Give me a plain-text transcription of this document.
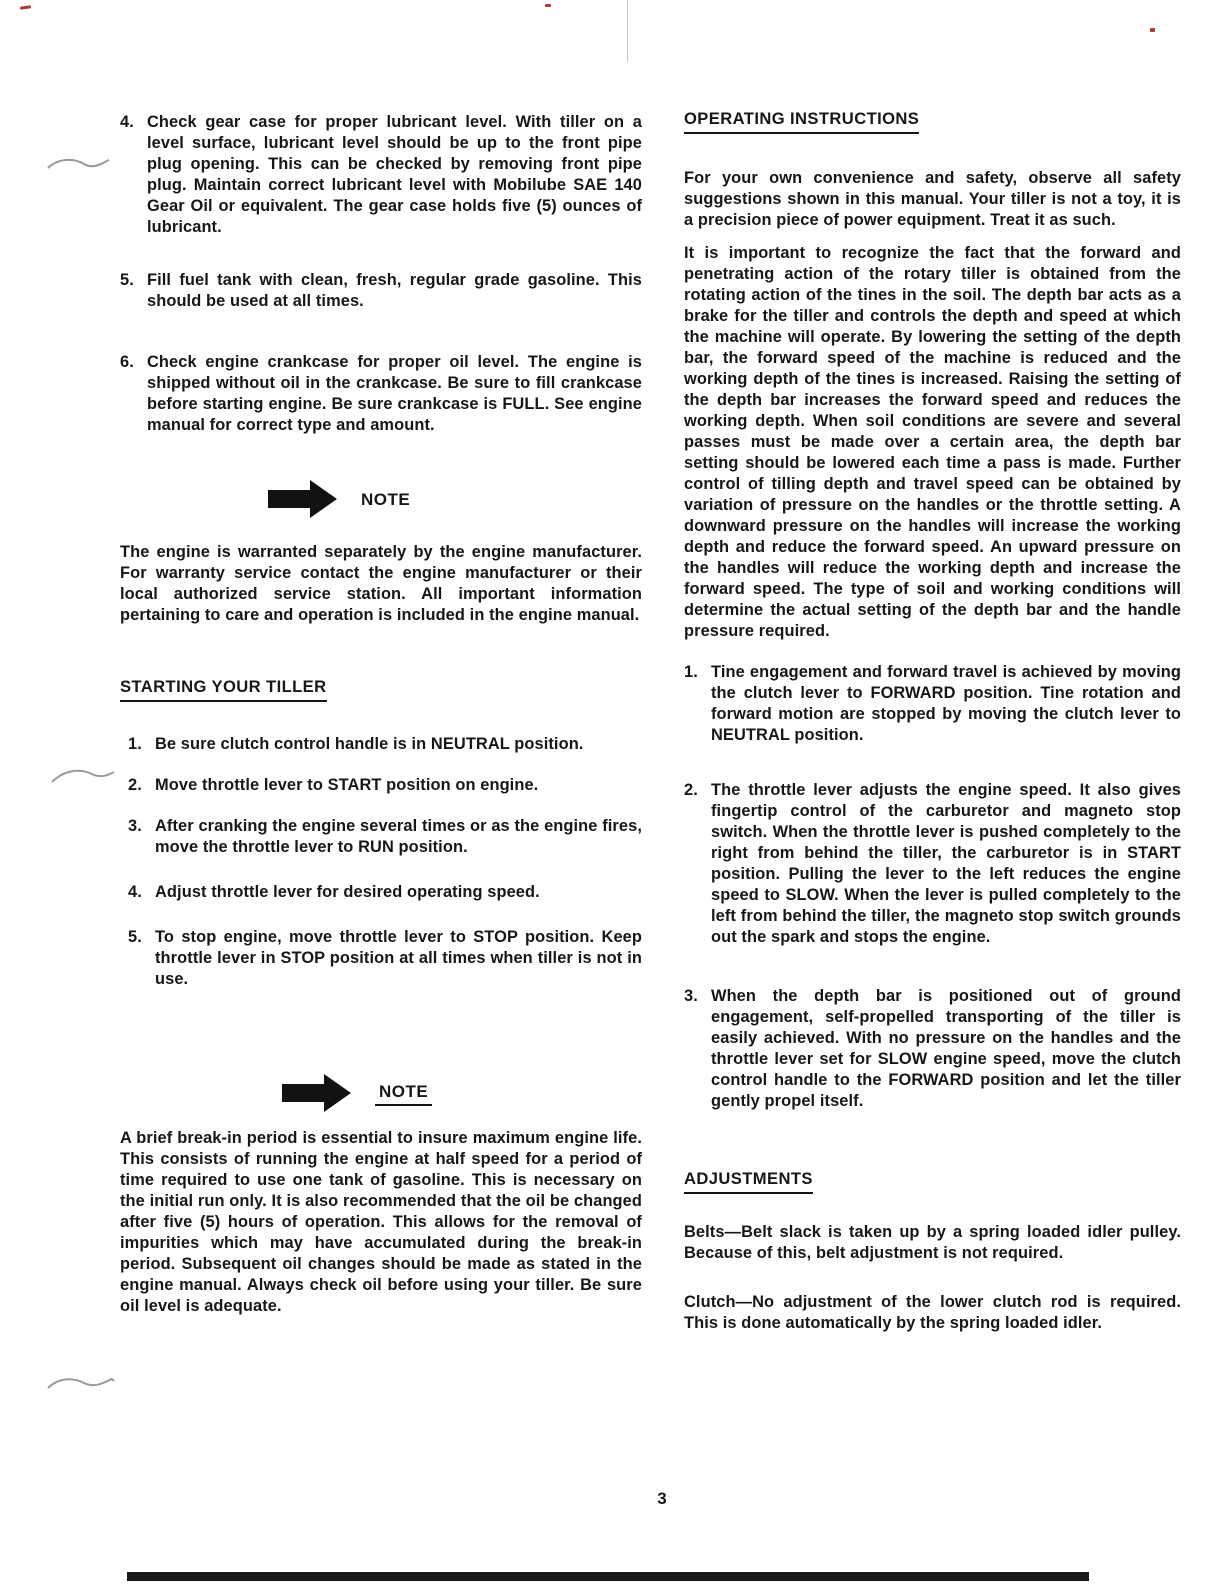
4. Check gear case for proper lubricant level. With tiller on a level surface, lubricant level should be up to the front pipe plug opening. This can be checked by removing front pipe plug. Maintain correct lubricant level with Mobilube SAE 140 Gear Oil or equivalent. The gear case holds five (5) ounces of lubricant.
5. Fill fuel tank with clean, fresh, regular grade gasoline. This should be used at all times.
6. Check engine crankcase for proper oil level. The engine is shipped without oil in the crankcase. Be sure to fill crankcase before starting engine. Be sure crankcase is FULL. See engine manual for correct type and amount.
NOTE

The engine is warranted separately by the engine manufacturer. For warranty service contact the engine manufacturer or their local authorized service station. All important information pertaining to care and operation is included in the engine manual.

STARTING YOUR TILLER
1. Be sure clutch control handle is in NEUTRAL position.
2. Move throttle lever to START position on engine.
3. After cranking the engine several times or as the engine fires, move the throttle lever to RUN position.
4. Adjust throttle lever for desired operating speed.
5. To stop engine, move throttle lever to STOP position. Keep throttle lever in STOP position at all times when tiller is not in use.
NOTE

A brief break-in period is essential to insure maximum engine life. This consists of running the engine at half speed for a period of time required to use one tank of gasoline. This is necessary on the initial run only. It is also recommended that the oil be changed after five (5) hours of operation. This allows for the removal of impurities which may have accumulated during the break-in period. Subsequent oil changes should be made as stated in the engine manual. Always check oil before using your tiller. Be sure oil level is adequate.

OPERATING INSTRUCTIONS

For your own convenience and safety, observe all safety suggestions shown in this manual. Your tiller is not a toy, it is a precision piece of power equipment. Treat it as such.

It is important to recognize the fact that the forward and penetrating action of the rotary tiller is obtained from the rotating action of the tines in the soil. The depth bar acts as a brake for the tiller and controls the depth and speed at which the machine will operate. By lowering the setting of the depth bar, the forward speed of the machine is reduced and the working depth of the tines is increased. Raising the setting of the depth bar increases the forward speed and reduces the working depth. When soil conditions are severe and several passes must be made over a certain area, the depth bar setting should be lowered each time a pass is made. Further control of tilling depth and travel speed can be obtained by variation of pressure on the handles or the throttle setting. A downward pressure on the handles will increase the working depth and reduce the forward speed. An upward pressure on the handles will reduce the working depth and increase the forward speed. The type of soil and working conditions will determine the actual setting of the depth bar and the handle pressure required.

1. Tine engagement and forward travel is achieved by moving the clutch lever to FORWARD position. Tine rotation and forward motion are stopped by moving the clutch lever to NEUTRAL position.
2. The throttle lever adjusts the engine speed. It also gives fingertip control of the carburetor and magneto stop switch. When the throttle lever is pushed completely to the right from behind the tiller, the carburetor is in START position. Pulling the lever to the left reduces the engine speed to SLOW. When the lever is pulled completely to the left from behind the tiller, the magneto stop switch grounds out the spark and stops the engine.
3. When the depth bar is positioned out of ground engagement, self-propelled transporting of the tiller is easily achieved. With no pressure on the handles and the throttle lever set for SLOW engine speed, move the clutch control handle to the FORWARD position and let the tiller gently propel itself.
ADJUSTMENTS

Belts—Belt slack is taken up by a spring loaded idler pulley. Because of this, belt adjustment is not required.

Clutch—No adjustment of the lower clutch rod is required. This is done automatically by the spring loaded idler.

3
